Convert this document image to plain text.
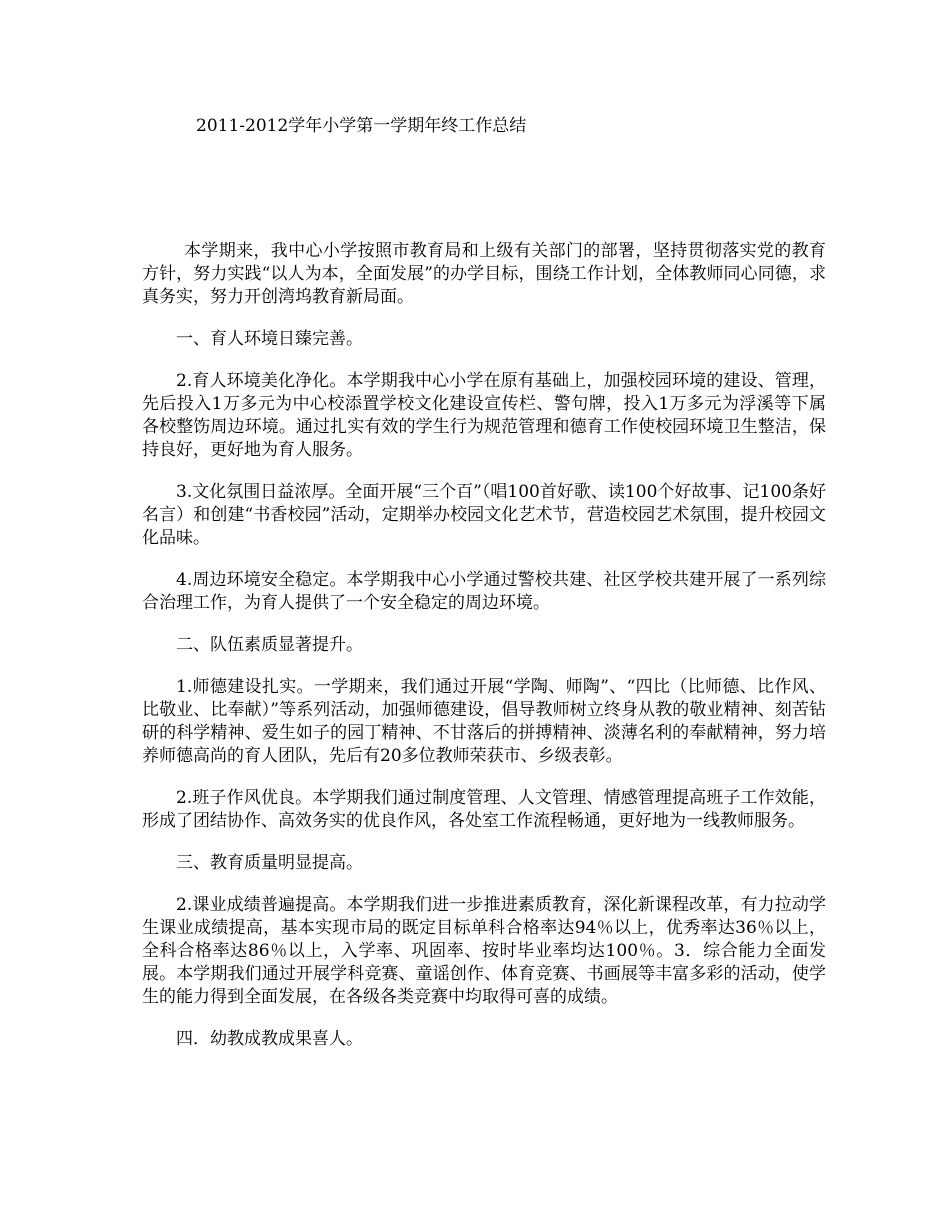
2011-2012学年小学第一学期年终工作总结

本学期来，我中心小学按照市教育局和上级有关部门的部署，坚持贯彻落实党的教育方针，努力实践“以人为本，全面发展”的办学目标，围绕工作计划，全体教师同心同德，求真务实，努力开创湾坞教育新局面。

一、育人环境日臻完善。

2.育人环境美化净化。本学期我中心小学在原有基础上，加强校园环境的建设、管理，先后投入1万多元为中心校添置学校文化建设宣传栏、警句牌，投入1万多元为浮溪等下属各校整饬周边环境。通过扎实有效的学生行为规范管理和德育工作使校园环境卫生整洁，保持良好，更好地为育人服务。

3.文化氛围日益浓厚。全面开展“三个百”（唱100首好歌、读100个好故事、记100条好名言）和创建“书香校园”活动，定期举办校园文化艺术节，营造校园艺术氛围，提升校园文化品味。

4.周边环境安全稳定。本学期我中心小学通过警校共建、社区学校共建开展了一系列综合治理工作，为育人提供了一个安全稳定的周边环境。

二、队伍素质显著提升。

1.师德建设扎实。一学期来，我们通过开展“学陶、师陶”、“四比（比师德、比作风、比敬业、比奉献）”等系列活动，加强师德建设，倡导教师树立终身从教的敬业精神、刻苦钻研的科学精神、爱生如子的园丁精神、不甘落后的拼搏精神、淡薄名利的奉献精神，努力培养师德高尚的育人团队，先后有20多位教师荣获市、乡级表彰。

2.班子作风优良。本学期我们通过制度管理、人文管理、情感管理提高班子工作效能，形成了团结协作、高效务实的优良作风，各处室工作流程畅通，更好地为一线教师服务。

三、教育质量明显提高。

2.课业成绩普遍提高。本学期我们进一步推进素质教育，深化新课程改革，有力拉动学生课业成绩提高，基本实现市局的既定目标单科合格率达94％以上，优秀率达36％以上，全科合格率达86％以上，入学率、巩固率、按时毕业率均达100％。3．综合能力全面发展。本学期我们通过开展学科竞赛、童谣创作、体育竞赛、书画展等丰富多彩的活动，使学生的能力得到全面发展，在各级各类竞赛中均取得可喜的成绩。

四．幼教成教成果喜人。
